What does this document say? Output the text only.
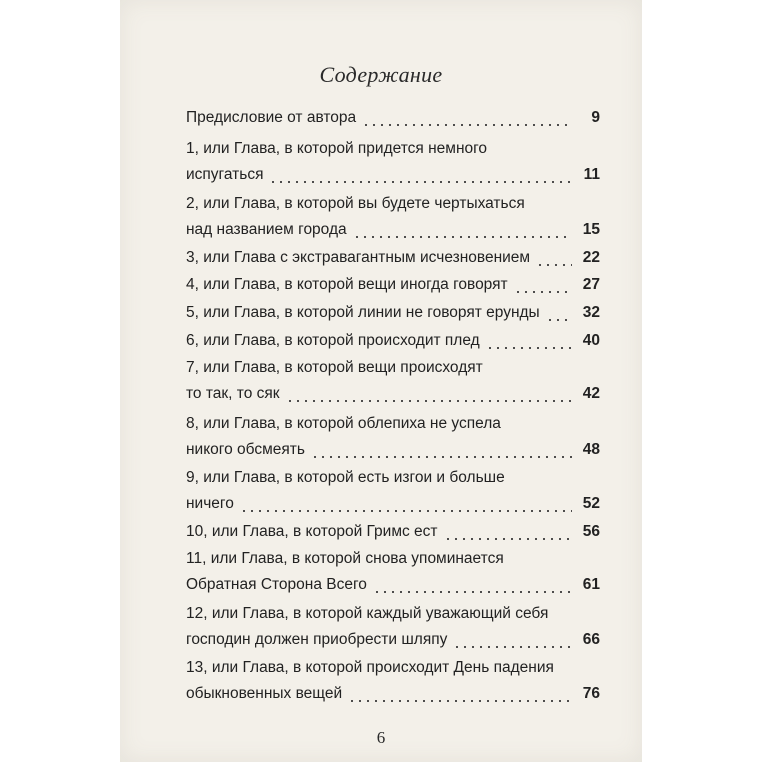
Содержание
Предисловие от автора	9
1, или Глава, в которой придется немного
испугаться	11
2, или Глава, в которой вы будете чертыхаться
над названием города	15
3, или Глава с экстравагантным исчезновением	22
4, или Глава, в которой вещи иногда говорят	27
5, или Глава, в которой линии не говорят ерунды	32
6, или Глава, в которой происходит плед	40
7, или Глава, в которой вещи происходят
то так, то сяк	42
8, или Глава, в которой облепиха не успела
никого обсмеять	48
9, или Глава, в которой есть изгои и больше
ничего	52
10, или Глава, в которой Гримс ест	56
11, или Глава, в которой снова упоминается
Обратная Сторона Всего	61
12, или Глава, в которой каждый уважающий себя
господин должен приобрести шляпу	66
13, или Глава, в которой происходит День падения
обыкновенных вещей	76
6
